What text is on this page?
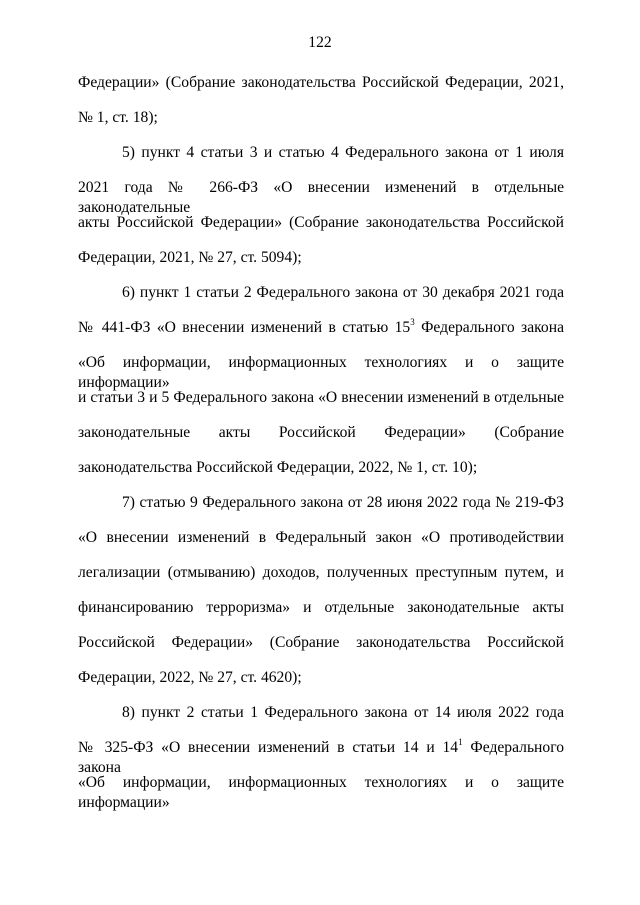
122
Федерации» (Собрание законодательства Российской Федерации, 2021,
№ 1, ст. 18);
5) пункт 4 статьи 3 и статью 4 Федерального закона от 1 июля
2021 года № 266-ФЗ «О внесении изменений в отдельные законодательные
акты Российской Федерации» (Собрание законодательства Российской
Федерации, 2021, № 27, ст. 5094);
6) пункт 1 статьи 2 Федерального закона от 30 декабря 2021 года
№ 441-ФЗ «О внесении изменений в статью $15^3$ Федерального закона
«Об информации, информационных технологиях и о защите информации»
и статьи 3 и 5 Федерального закона «О внесении изменений в отдельные
законодательные акты Российской Федерации» (Собрание
законодательства Российской Федерации, 2022, № 1, ст. 10);
7) статью 9 Федерального закона от 28 июня 2022 года № 219-ФЗ
«О внесении изменений в Федеральный закон «О противодействии
легализации (отмыванию) доходов, полученных преступным путем, и
финансированию терроризма» и отдельные законодательные акты
Российской Федерации» (Собрание законодательства Российской
Федерации, 2022, № 27, ст. 4620);
8) пункт 2 статьи 1 Федерального закона от 14 июля 2022 года
№ 325-ФЗ «О внесении изменений в статьи 14 и $14^1$ Федерального закона
«Об информации, информационных технологиях и о защите информации»
